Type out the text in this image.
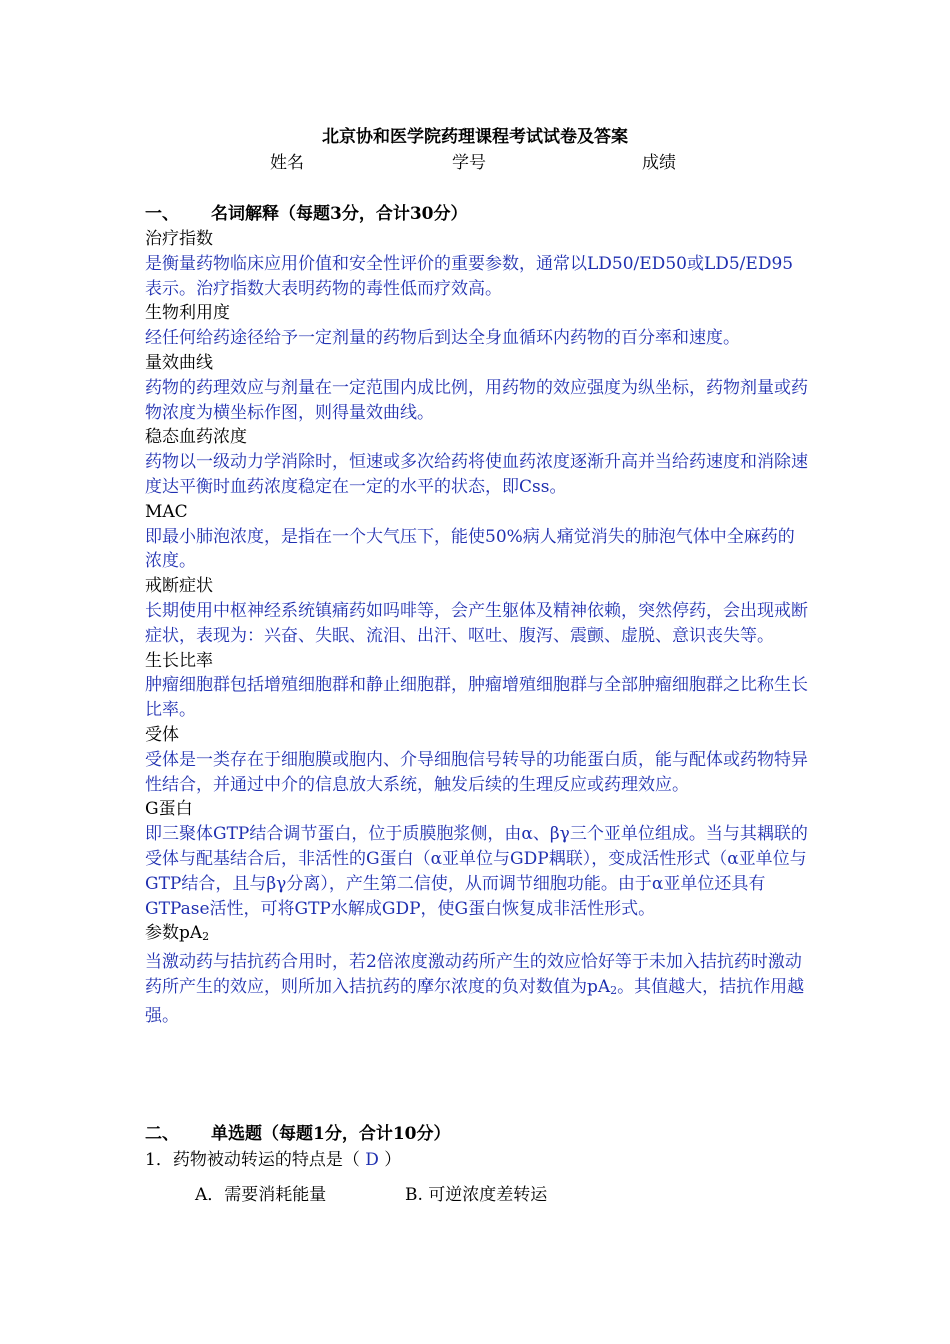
北京协和医学院药理课程考试试卷及答案
姓名	学号	成绩
一、 名词解释（每题3分，合计30分）
治疗指数
是衡量药物临床应用价值和安全性评价的重要参数，通常以LD50/ED50或LD5/ED95表示。治疗指数大表明药物的毒性低而疗效高。
生物利用度
经任何给药途径给予一定剂量的药物后到达全身血循环内药物的百分率和速度。
量效曲线
药物的药理效应与剂量在一定范围内成比例，用药物的效应强度为纵坐标，药物剂量或药物浓度为横坐标作图，则得量效曲线。
稳态血药浓度
药物以一级动力学消除时，恒速或多次给药将使血药浓度逐渐升高并当给药速度和消除速度达平衡时血药浓度稳定在一定的水平的状态，即Css。
MAC
即最小肺泡浓度，是指在一个大气压下，能使50%病人痛觉消失的肺泡气体中全麻药的浓度。
戒断症状
长期使用中枢神经系统镇痛药如吗啡等，会产生躯体及精神依赖，突然停药，会出现戒断症状，表现为：兴奋、失眠、流泪、出汗、呕吐、腹泻、震颤、虚脱、意识丧失等。
生长比率
肿瘤细胞群包括增殖细胞群和静止细胞群，肿瘤增殖细胞群与全部肿瘤细胞群之比称生长比率。
受体
受体是一类存在于细胞膜或胞内、介导细胞信号转导的功能蛋白质，能与配体或药物特异性结合，并通过中介的信息放大系统，触发后续的生理反应或药理效应。
G蛋白
即三聚体GTP结合调节蛋白，位于质膜胞浆侧，由α、βγ三个亚单位组成。当与其耦联的受体与配基结合后，非活性的G蛋白（α亚单位与GDP耦联），变成活性形式（α亚单位与GTP结合，且与βγ分离），产生第二信使，从而调节细胞功能。由于α亚单位还具有GTPase活性，可将GTP水解成GDP，使G蛋白恢复成非活性形式。
参数$pA_2$
当激动药与拮抗药合用时，若2倍浓度激动药所产生的效应恰好等于未加入拮抗药时激动药所产生的效应，则所加入拮抗药的摩尔浓度的负对数值为$pA_2$。其值越大，拮抗作用越强。
二、 单选题（每题1分，合计10分）
1．药物被动转运的特点是（ D ）
A．需要消耗能量	B. 可逆浓度差转运
